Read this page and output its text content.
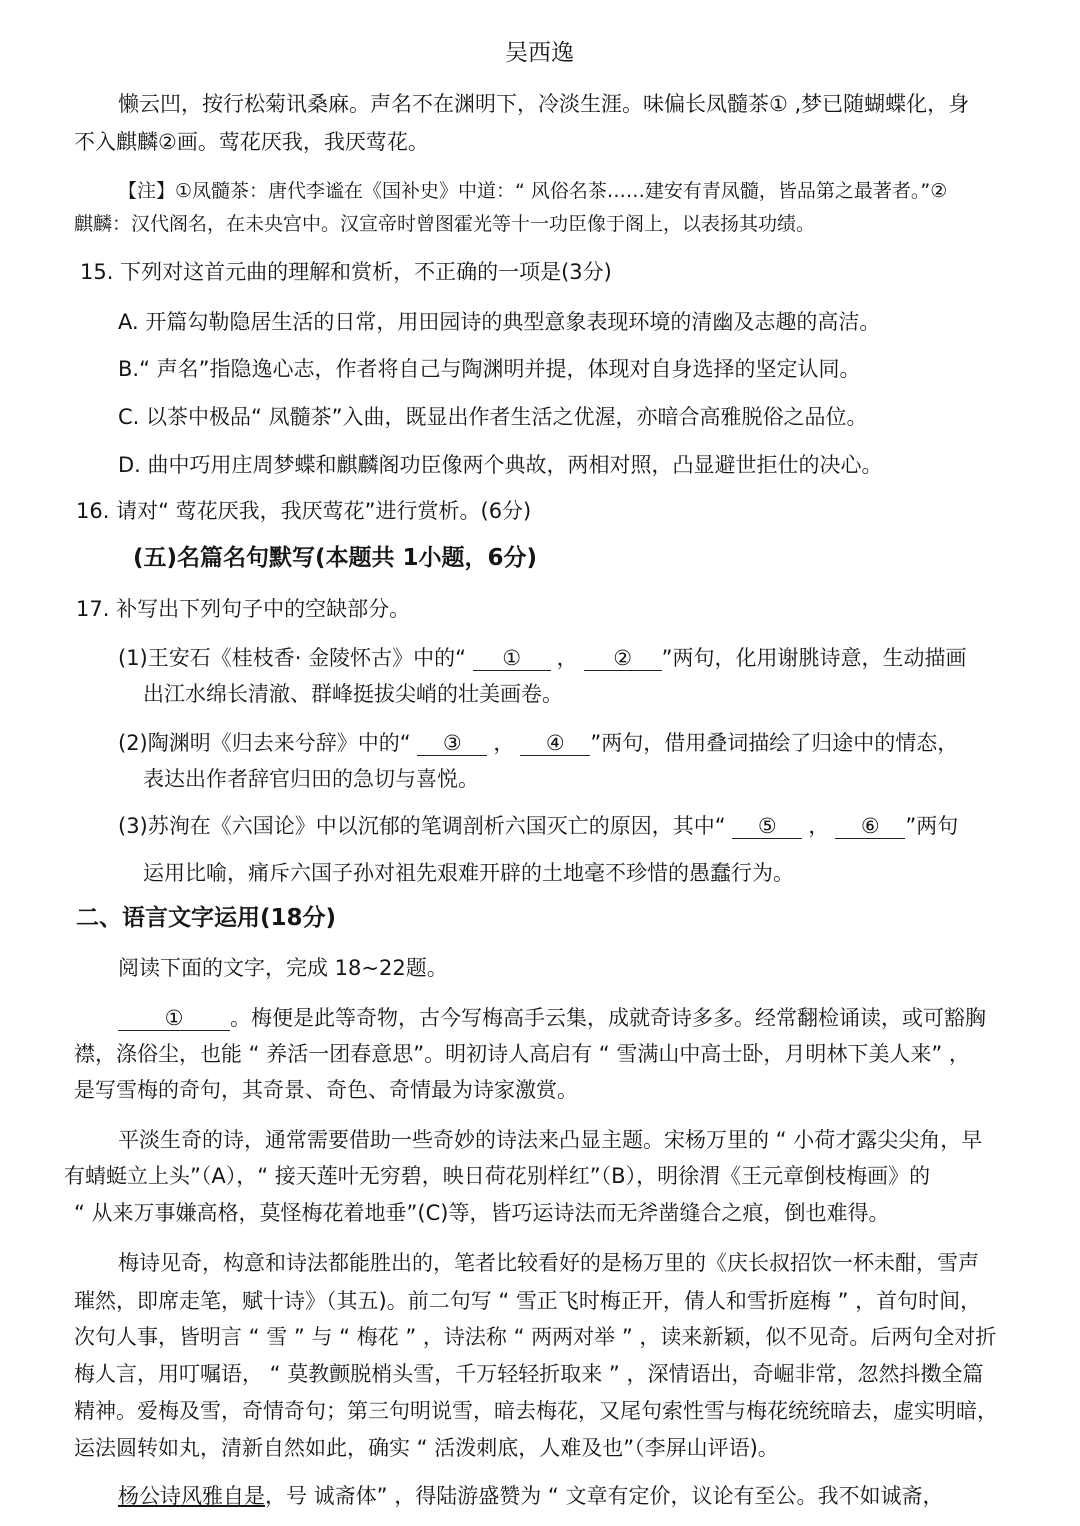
吴西逸
懒云凹，按行松菊讯桑麻。声名不在渊明下，冷淡生涯。味偏长凤髓茶① ,梦已随蝴蝶化，身
不入麒麟②画。莺花厌我，我厌莺花。
【注】①凤髓茶：唐代李谧在《国补史》中道：“ 风俗名茶……建安有青凤髓，皆品第之最著者。”②
麒麟：汉代阁名，在未央宫中。汉宣帝时曾图霍光等十一功臣像于阁上，以表扬其功绩。
15. 下列对这首元曲的理解和赏析，不正确的一项是(3分)
A. 开篇勾勒隐居生活的日常，用田园诗的典型意象表现环境的清幽及志趣的高洁。
B.“ 声名”指隐逸心志，作者将自己与陶渊明并提，体现对自身选择的坚定认同。
C. 以茶中极品“ 凤髓茶”入曲，既显出作者生活之优渥，亦暗合高雅脱俗之品位。
D. 曲中巧用庄周梦蝶和麒麟阁功臣像两个典故，两相对照，凸显避世拒仕的决心。
16. 请对“ 莺花厌我，我厌莺花”进行赏析。(6分)
(五)名篇名句默写(本题共 1小题，6分)
17. 补写出下列句子中的空缺部分。
(1)王安石《桂枝香· 金陵怀古》中的“ ① ， ② ”两句，化用谢朓诗意，生动描画
出江水绵长清澈、群峰挺拔尖峭的壮美画卷。
(2)陶渊明《归去来兮辞》中的“ ③ ， ④ ”两句，借用叠词描绘了归途中的情态，
表达出作者辞官归田的急切与喜悦。
(3)苏洵在《六国论》中以沉郁的笔调剖析六国灭亡的原因，其中“ ⑤ ， ⑥ ”两句
运用比喻，痛斥六国子孙对祖先艰难开辟的土地毫不珍惜的愚蠢行为。
二、语言文字运用(18分)
阅读下面的文字，完成 18~22题。
① 。梅便是此等奇物，古今写梅高手云集，成就奇诗多多。经常翻检诵读，或可豁胸
襟，涤俗尘，也能 “ 养活一团春意思”。明初诗人高启有 “ 雪满山中高士卧，月明林下美人来” ，
是写雪梅的奇句，其奇景、奇色、奇情最为诗家激赏。
平淡生奇的诗，通常需要借助一些奇妙的诗法来凸显主题。宋杨万里的 “ 小荷才露尖尖角，早
有蜻蜓立上头”（A），“ 接天莲叶无穷碧，映日荷花别样红”（B），明徐渭《王元章倒枝梅画》的
“ 从来万事嫌高格，莫怪梅花着地垂”(C)等，皆巧运诗法而无斧凿缝合之痕，倒也难得。
梅诗见奇，构意和诗法都能胜出的，笔者比较看好的是杨万里的《庆长叔招饮一杯未酣，雪声
璀然，即席走笔，赋十诗》（其五)。前二句写 “ 雪正飞时梅正开，倩人和雪折庭梅 ” ，首句时间，
次句人事，皆明言 “ 雪 ” 与 “ 梅花 ” ，诗法称 “ 两两对举 ” ，读来新颖，似不见奇。后两句全对折
梅人言，用叮嘱语， “ 莫教颤脱梢头雪，千万轻轻折取来 ” ，深情语出，奇崛非常，忽然抖擞全篇
精神。爱梅及雪，奇情奇句；第三句明说雪，暗去梅花，又尾句索性雪与梅花统统暗去，虚实明暗，
运法圆转如丸，清新自然如此，确实 “ 活泼刺底，人难及也”（李屏山评语)。
杨公诗风雅自是，号 诚斋体” ，得陆游盛赞为 “ 文章有定价，议论有至公。我不如诚斋，
